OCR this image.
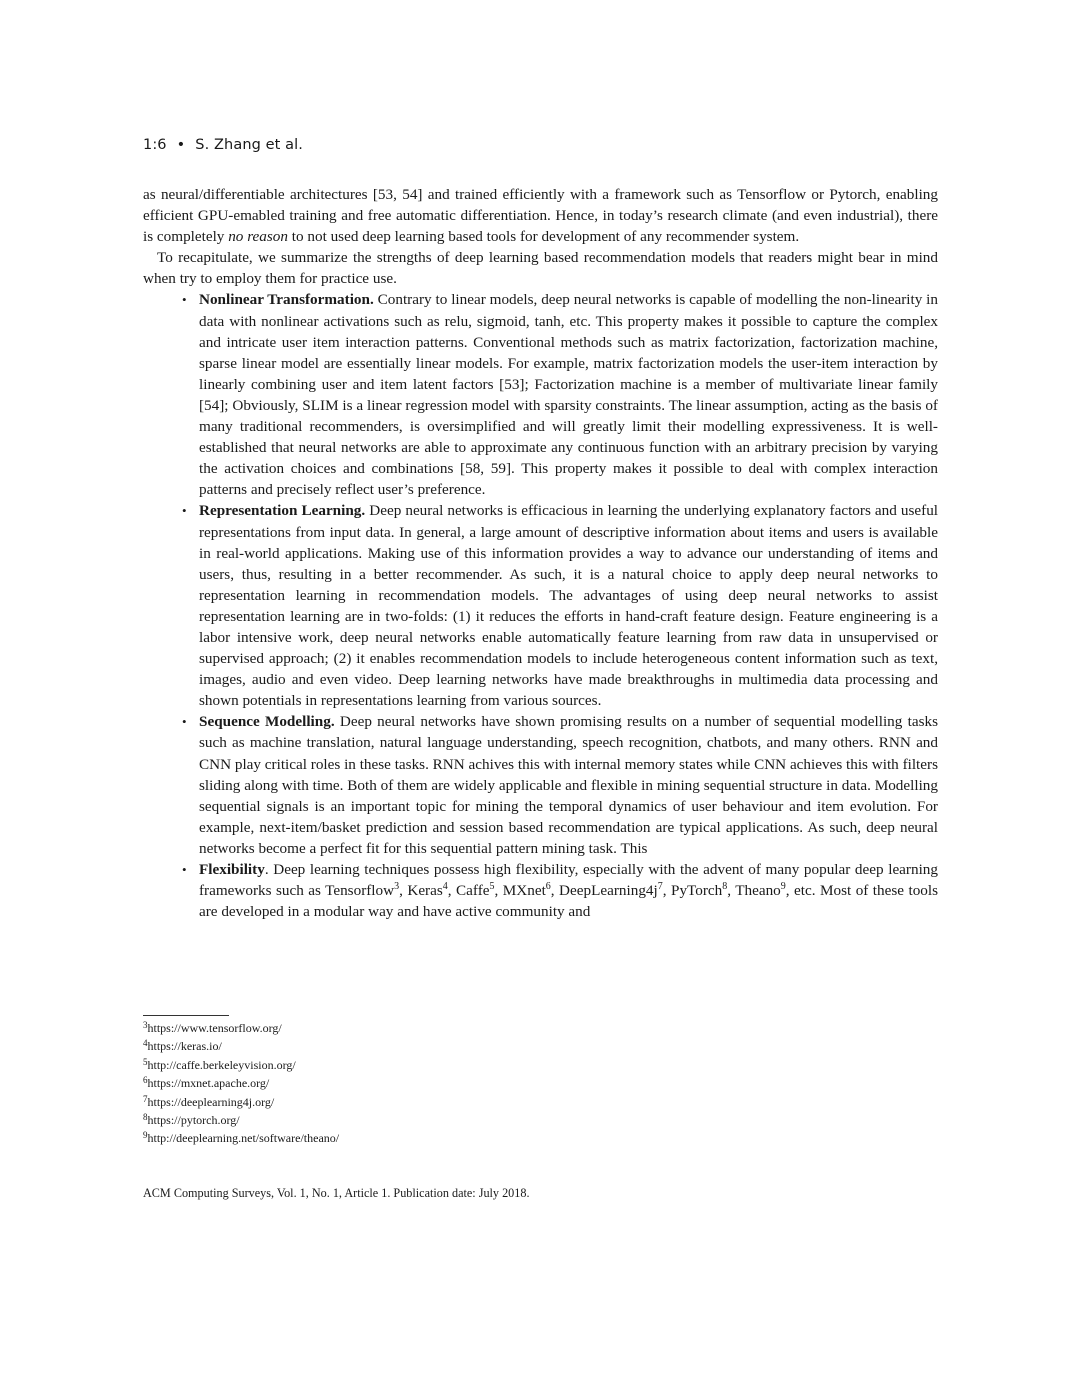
1:6 • S. Zhang et al.

as neural/differentiable architectures [53, 54] and trained efficiently with a framework such as Tensorflow or Pytorch, enabling efficient GPU-emabled training and free automatic differentiation. Hence, in today’s research climate (and even industrial), there is completely no reason to not used deep learning based tools for development of any recommender system.

To recapitulate, we summarize the strengths of deep learning based recommendation models that readers might bear in mind when try to employ them for practice use.

• Nonlinear Transformation. Contrary to linear models, deep neural networks is capable of modelling the non-linearity in data with nonlinear activations such as relu, sigmoid, tanh, etc. This property makes it possible to capture the complex and intricate user item interaction patterns. Conventional methods such as matrix factorization, factorization machine, sparse linear model are essentially linear models. For example, matrix factorization models the user-item interaction by linearly combining user and item latent factors [53]; Factorization machine is a member of multivariate linear family [54]; Obviously, SLIM is a linear regression model with sparsity constraints. The linear assumption, acting as the basis of many traditional recommenders, is oversimplified and will greatly limit their modelling expressiveness. It is well-established that neural networks are able to approximate any continuous function with an arbitrary precision by varying the activation choices and combinations [58, 59]. This property makes it possible to deal with complex interaction patterns and precisely reflect user’s preference.
• Representation Learning. Deep neural networks is efficacious in learning the underlying explanatory factors and useful representations from input data. In general, a large amount of descriptive information about items and users is available in real-world applications. Making use of this information provides a way to advance our understanding of items and users, thus, resulting in a better recommender. As such, it is a natural choice to apply deep neural networks to representation learning in recommendation models. The advantages of using deep neural networks to assist representation learning are in two-folds: (1) it reduces the efforts in hand-craft feature design. Feature engineering is a labor intensive work, deep neural networks enable automatically feature learning from raw data in unsupervised or supervised approach; (2) it enables recommendation models to include heterogeneous content information such as text, images, audio and even video. Deep learning networks have made breakthroughs in multimedia data processing and shown potentials in representations learning from various sources.
• Sequence Modelling. Deep neural networks have shown promising results on a number of sequential modelling tasks such as machine translation, natural language understanding, speech recognition, chatbots, and many others. RNN and CNN play critical roles in these tasks. RNN achives this with internal memory states while CNN achieves this with filters sliding along with time. Both of them are widely applicable and flexible in mining sequential structure in data. Modelling sequential signals is an important topic for mining the temporal dynamics of user behaviour and item evolution. For example, next-item/basket prediction and session based recommendation are typical applications. As such, deep neural networks become a perfect fit for this sequential pattern mining task. This
• Flexibility. Deep learning techniques possess high flexibility, especially with the advent of many popular deep learning frameworks such as Tensorflow$^3$, Keras$^4$, Caffe$^5$, MXnet$^6$, $DeepLearning4j^7$, PyTorch$^8$, Theano$^9$, etc. Most of these tools are developed in a modular way and have active community and
$^3$https://www.tensorflow.org/
$^4$https://keras.io/
$^5$http://caffe.berkeleyvision.org/
$^6$https://mxnet.apache.org/
$^7$https://deeplearning4j.org/
$^8$https://pytorch.org/
$^9$http://deeplearning.net/software/theano/
ACM Computing Surveys, Vol. 1, No. 1, Article 1. Publication date: July 2018.
